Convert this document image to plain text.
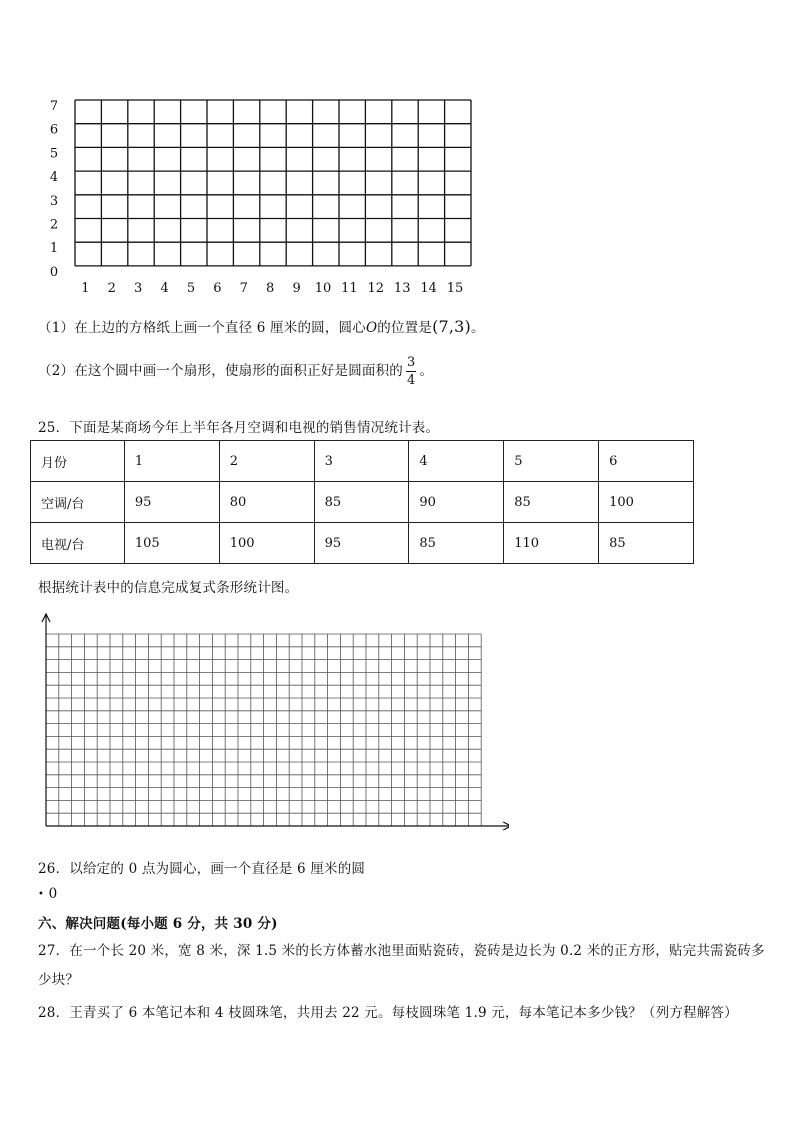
1 2 3 4 5 6 7 8 9 10 11 12 13 14 15
0
1
2
3
4
5
6
7
（1）在上边的方格纸上画一个直径 6 厘米的圆，圆心O的位置是(7,3)。
（2）在这个圆中画一个扇形，使扇形的面积正好是圆面积的 $\frac{3}{4}$ 。
25．下面是某商场今年上半年各月空调和电视的销售情况统计表。
月份	1	2	3	4	5	6
空调/台	95	80	85	90	85	100
电视/台	105	100	95	85	110	85
根据统计表中的信息完成复式条形统计图。
26．以给定的 0 点为圆心，画一个直径是 6 厘米的圆
• 0
六、解决问题(每小题 6 分，共 30 分)
27．在一个长 20 米，宽 8 米，深 1.5 米的长方体蓄水池里面贴瓷砖，瓷砖是边长为 0.2 米的正方形，贴完共需瓷砖多
少块？
28．王青买了 6 本笔记本和 4 枝圆珠笔，共用去 22 元。每枝圆珠笔 1.9 元，每本笔记本多少钱？（列方程解答）
